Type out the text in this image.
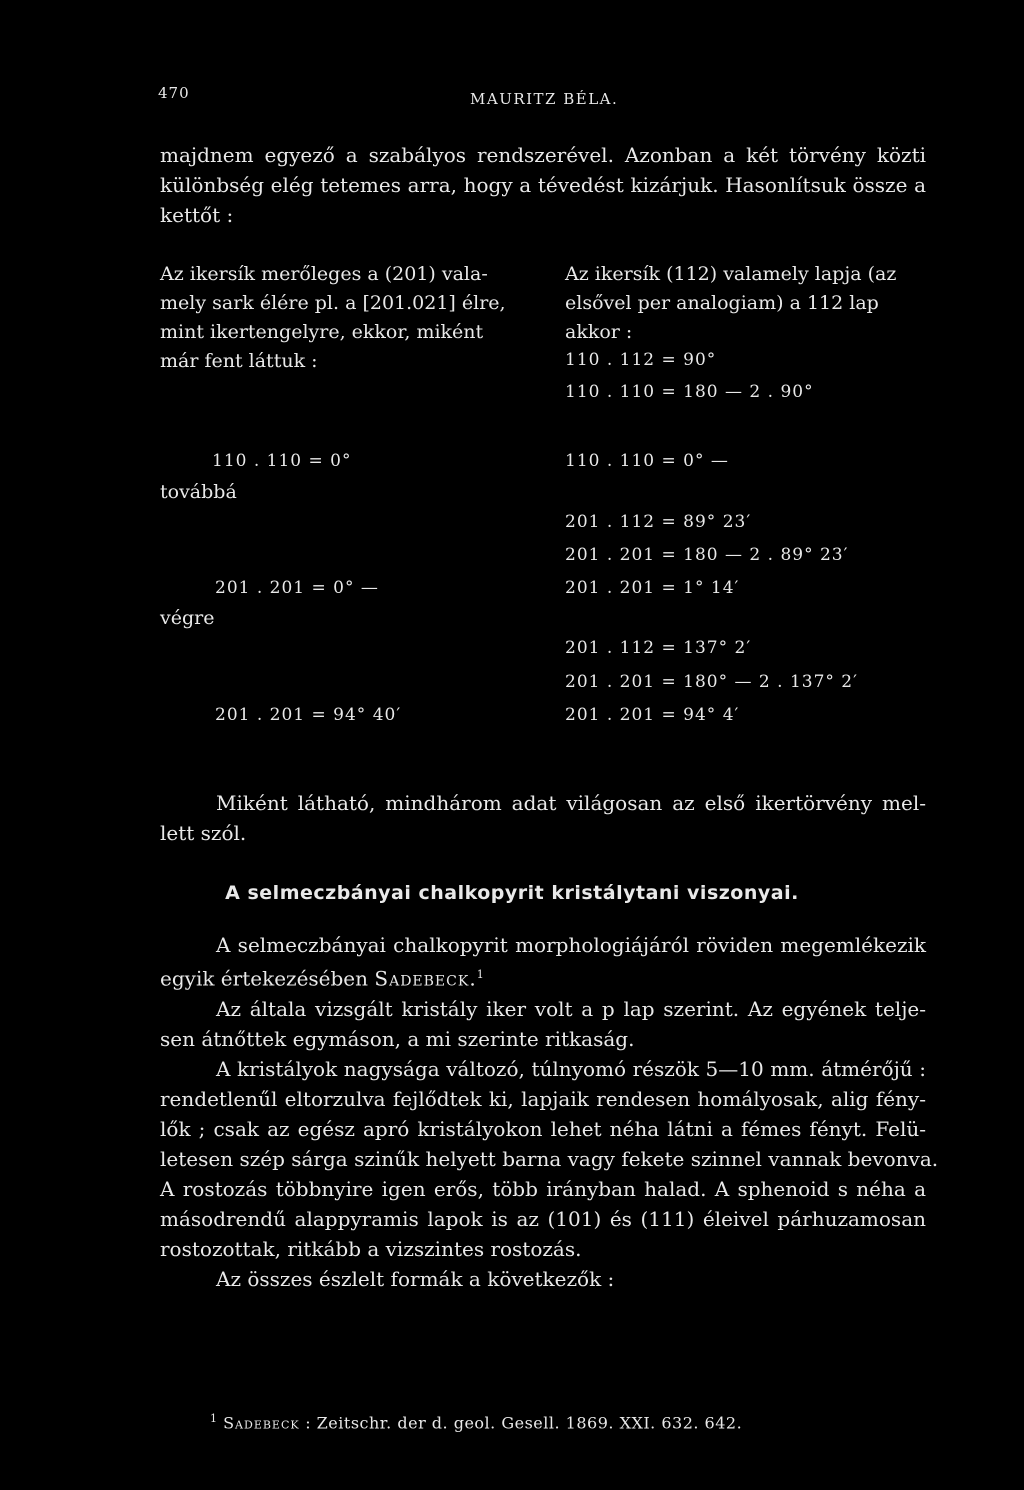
470	MAURITZ BÉLA.
majdnem egyező a szabályos rendszerével. Azonban a két törvény közti
különbség elég tetemes arra, hogy a tévedést kizárjuk. Hasonlítsuk össze a
kettőt :
Az ikersík merőleges a (201) vala-
mely sark élére pl. a [201.021] élre,
mint ikertengelyre, ekkor, miként
már fent láttuk :
110 . 110 = 0°
továbbá
201 . 201 = 0° —
végre
201 . 201 = 94° 40′
Az ikersík (112) valamely lapja (az
elsővel per analogiam) a 112 lap
akkor :
110 . 112 = 90°
110 . 110 = 180 — 2 . 90°
110 . 110 = 0° —
201 . 112 = 89° 23′
201 . 201 = 180 — 2 . 89° 23′
201 . 201 = 1° 14′
201 . 112 = 137° 2′
201 . 201 = 180° — 2 . 137° 2′
201 . 201 = 94° 4′
Miként látható, mindhárom adat világosan az első ikertörvény mel-
lett szól.
A selmeczbányai chalkopyrit kristálytani viszonyai.
A selmeczbányai chalkopyrit morphologiájáról röviden megemlékezik
egyik értekezésében Sadebeck.$^1$
Az általa vizsgált kristály iker volt a p lap szerint. Az egyének telje-
sen átnőttek egymáson, a mi szerinte ritkaság.
A kristályok nagysága változó, túlnyomó részök 5—10 mm. átmérőjű :
rendetlenűl eltorzulva fejlődtek ki, lapjaik rendesen homályosak, alig fény-
lők ; csak az egész apró kristályokon lehet néha látni a fémes fényt. Felü-
letesen szép sárga szinűk helyett barna vagy fekete szinnel vannak bevonva.
A rostozás többnyire igen erős, több irányban halad. A sphenoid s néha a
másodrendű alappyramis lapok is az (101) és (111) éleivel párhuzamosan
rostozottak, ritkább a vizszintes rostozás.
Az összes észlelt formák a következők :
$^1$ Sadebeck : Zeitschr. der d. geol. Gesell. 1869. XXI. 632. 642.
